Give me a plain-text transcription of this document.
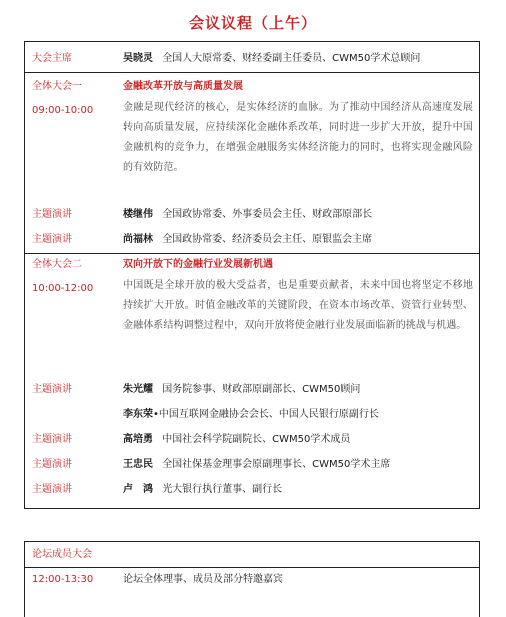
会议议程（上午）
大会主席	吴晓灵 全国人大原常委、财经委副主任委员、CWM50学术总顾问
全体大会一	金融改革开放与高质量发展
09:00-10:00	金融是现代经济的核心，是实体经济的血脉。为了推动中国经济从高速度发展转向高质量发展，应持续深化金融体系改革，同时进一步扩大开放，提升中国金融机构的竞争力，在增强金融服务实体经济能力的同时，也将实现金融风险的有效防范。
主题演讲	楼继伟 全国政协常委、外事委员会主任、财政部原部长
主题演讲	尚福林 全国政协常委、经济委员会主任、原银监会主席
全体大会二	双向开放下的金融行业发展新机遇
10:00-12:00	中国既是全球开放的极大受益者，也是重要贡献者，未来中国也将坚定不移地持续扩大开放。时值金融改革的关键阶段，在资本市场改革、资管行业转型、金融体系结构调整过程中，双向开放将使金融行业发展面临新的挑战与机遇。
主题演讲	朱光耀 国务院参事、财政部原副部长、CWM50顾问
李东荣•中国互联网金融协会会长、中国人民银行原副行长
主题演讲	高培勇 中国社会科学院副院长、CWM50学术成员
主题演讲	王忠民 全国社保基金理事会原副理事长、CWM50学术主席
主题演讲	卢　鸿 光大银行执行董事、副行长
论坛成员大会
12:00-13:30	论坛全体理事、成员及部分特邀嘉宾
